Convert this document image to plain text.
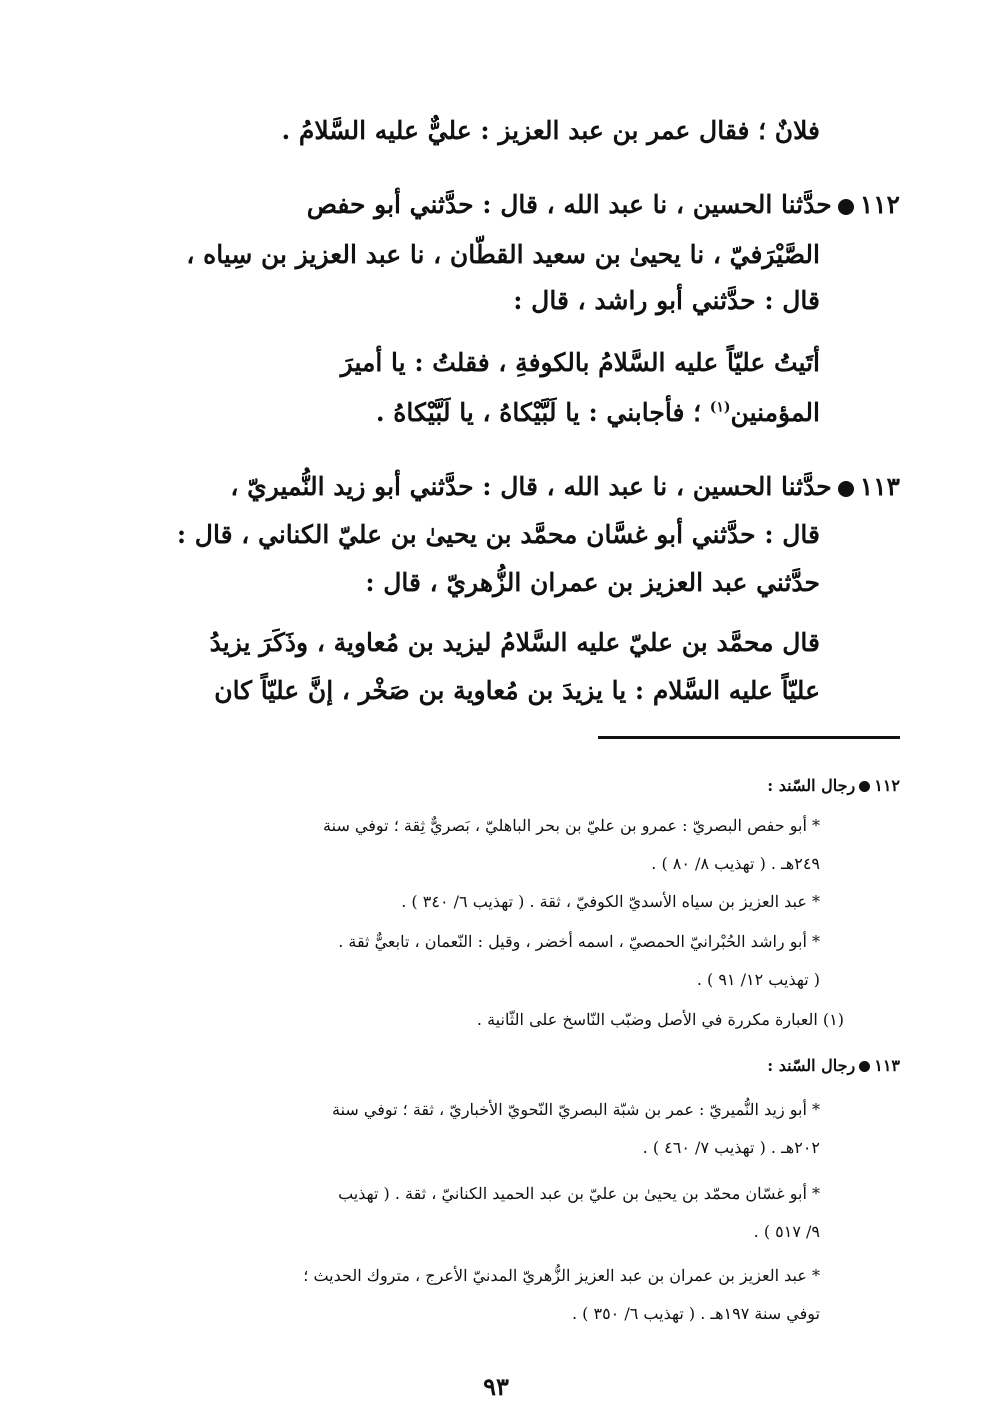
فلانٌ ؛ فقال عمر بن عبد العزيز : عليٌّ عليه السَّلامُ .
١١٢حدَّثنا الحسين ، نا عبد الله ، قال : حدَّثني أبو حفص
الصَّيْرَفيّ ، نا يحيىٰ بن سعيد القطّان ، نا عبد العزيز بن سِياه ،
قال : حدَّثني أبو راشد ، قال :
أتَيتُ عليّاً عليه السَّلامُ بالكوفةِ ، فقلتُ : يا أميرَ
المؤمنين$^{(١)}$ ؛ فأجابني : يا لَبَّيْكاهُ ، يا لَبَّيْكاهُ .
١١٣حدَّثنا الحسين ، نا عبد الله ، قال : حدَّثني أبو زيد النُّميريّ ،
قال : حدَّثني أبو غسَّان محمَّد بن يحيىٰ بن عليّ الكناني ، قال :
حدَّثني عبد العزيز بن عمران الزُّهريّ ، قال :
قال محمَّد بن عليّ عليه السَّلامُ ليزيد بن مُعاوية ، وذَكَرَ يزيدُ
عليّاً عليه السَّلام : يا يزيدَ بن مُعاوية بن صَخْر ، إنَّ عليّاً كان
١١٢رجال السّند :
* أبو حفص البصريّ : عمرو بن عليّ بن بحر الباهليّ ، بَصريٌّ ثِقة ؛ توفي سنة
٢٤٩هـ . ( تهذيب ٨/ ٨٠ ) .
* عبد العزيز بن سياه الأسديّ الكوفيّ ، ثقة . ( تهذيب ٦/ ٣٤٠ ) .
* أبو راشد الحُبْرانيّ الحمصيّ ، اسمه أخضر ، وقيل : النّعمان ، تابعيٌّ ثقة .
( تهذيب ١٢/ ٩١ ) .
(١) العبارة مكررة في الأصل وضبّب النّاسخ على الثّانية .
١١٣رجال السّند :
* أبو زيد النُّميريّ : عمر بن شبّة البصريّ النّحويّ الأخباريّ ، ثقة ؛ توفي سنة
٢٠٢هـ . ( تهذيب ٧/ ٤٦٠ ) .
* أبو غسّان محمّد بن يحيىٰ بن عليّ بن عبد الحميد الكنانيّ ، ثقة . ( تهذيب
٩/ ٥١٧ ) .
* عبد العزيز بن عمران بن عبد العزيز الزُّهريّ المدنيّ الأعرج ، متروك الحديث ؛
توفي سنة ١٩٧هـ . ( تهذيب ٦/ ٣٥٠ ) .
٩٣
